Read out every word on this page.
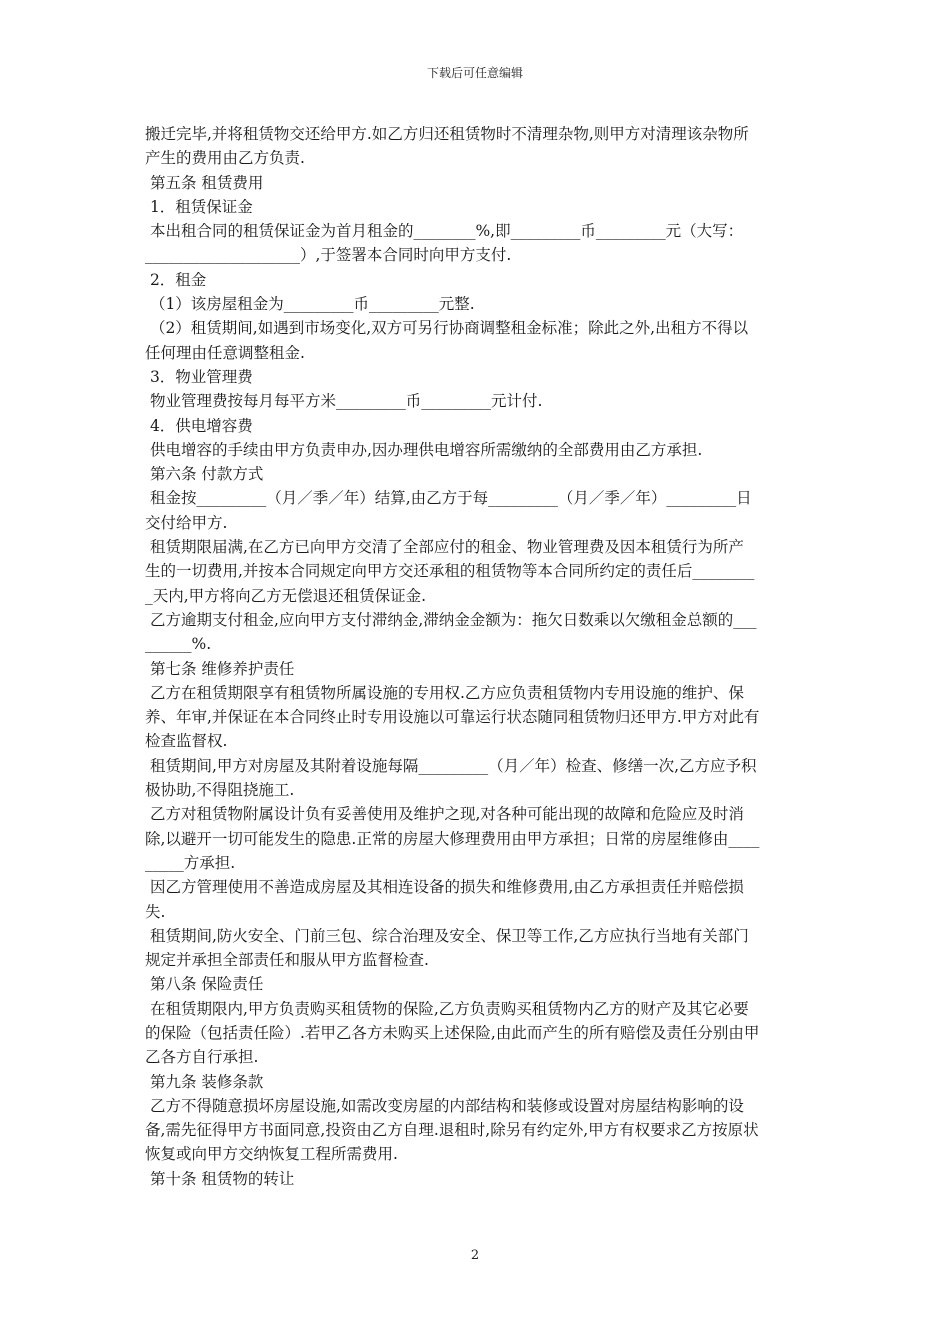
下载后可任意编辑

搬迁完毕,并将租赁物交还给甲方.如乙方归还租赁物时不清理杂物,则甲方对清理该杂物所

产生的费用由乙方负责.

第五条 租赁费用

1．租赁保证金

本出租合同的租赁保证金为首月租金的________%,即_________币_________元（大写：

____________________）,于签署本合同时向甲方支付.

2．租金

（1）该房屋租金为_________币_________元整.

（2）租赁期间,如遇到市场变化,双方可另行协商调整租金标准；除此之外,出租方不得以

任何理由任意调整租金.

3．物业管理费

物业管理费按每月每平方米_________币_________元计付.

4．供电增容费

供电增容的手续由甲方负责申办,因办理供电增容所需缴纳的全部费用由乙方承担.

第六条 付款方式

租金按_________（月／季／年）结算,由乙方于每_________（月／季／年）_________日

交付给甲方.

租赁期限届满,在乙方已向甲方交清了全部应付的租金、物业管理费及因本租赁行为所产

生的一切费用,并按本合同规定向甲方交还承租的租赁物等本合同所约定的责任后________

_天内,甲方将向乙方无偿退还租赁保证金.

乙方逾期支付租金,应向甲方支付滞纳金,滞纳金金额为：拖欠日数乘以欠缴租金总额的___

______%.

第七条 维修养护责任

乙方在租赁期限享有租赁物所属设施的专用权.乙方应负责租赁物内专用设施的维护、保

养、年审,并保证在本合同终止时专用设施以可靠运行状态随同租赁物归还甲方.甲方对此有

检查监督权.

租赁期间,甲方对房屋及其附着设施每隔_________（月／年）检查、修缮一次,乙方应予积

极协助,不得阻挠施工.

乙方对租赁物附属设计负有妥善使用及维护之现,对各种可能出现的故障和危险应及时消

除,以避开一切可能发生的隐患.正常的房屋大修理费用由甲方承担；日常的房屋维修由____

_____方承担.

因乙方管理使用不善造成房屋及其相连设备的损失和维修费用,由乙方承担责任并赔偿损

失.

租赁期间,防火安全、门前三包、综合治理及安全、保卫等工作,乙方应执行当地有关部门

规定并承担全部责任和服从甲方监督检查.

第八条 保险责任

在租赁期限内,甲方负责购买租赁物的保险,乙方负责购买租赁物内乙方的财产及其它必要

的保险（包括责任险）.若甲乙各方未购买上述保险,由此而产生的所有赔偿及责任分别由甲

乙各方自行承担.

第九条 装修条款

乙方不得随意损坏房屋设施,如需改变房屋的内部结构和装修或设置对房屋结构影响的设

备,需先征得甲方书面同意,投资由乙方自理.退租时,除另有约定外,甲方有权要求乙方按原状

恢复或向甲方交纳恢复工程所需费用.

第十条 租赁物的转让

2
